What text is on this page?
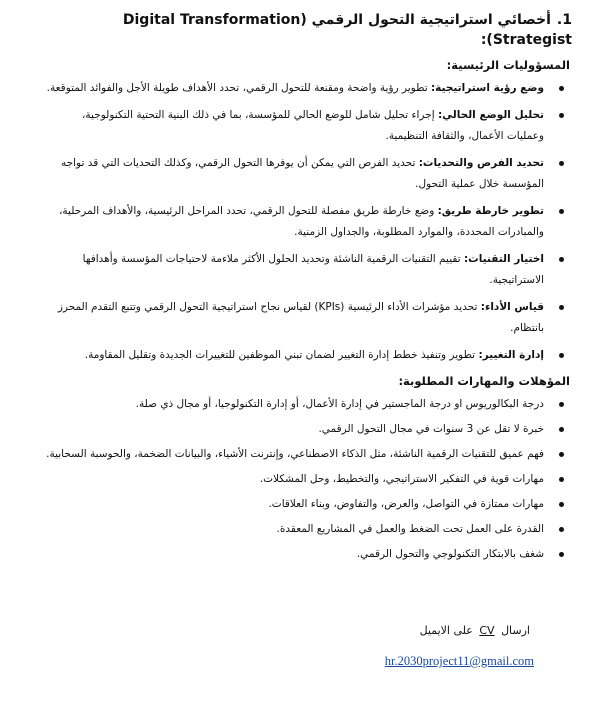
1.أخصائي استراتيجية التحول الرقمي (Digital Transformation Strategist):
المسؤوليات الرئيسية:
وضع رؤية استراتيجية: تطوير رؤية واضحة ومقنعة للتحول الرقمي، تحدد الأهداف طويلة الأجل والفوائد المتوقعة.
تحليل الوضع الحالي: إجراء تحليل شامل للوضع الحالي للمؤسسة، بما في ذلك البنية التحتية التكنولوجية، وعمليات الأعمال، والثقافة التنظيمية.
تحديد الفرص والتحديات: تحديد الفرص التي يمكن أن يوفرها التحول الرقمي، وكذلك التحديات التي قد تواجه المؤسسة خلال عملية التحول.
تطوير خارطة طريق: وضع خارطة طريق مفصلة للتحول الرقمي، تحدد المراحل الرئيسية، والأهداف المرحلية، والمبادرات المحددة، والموارد المطلوبة، والجداول الزمنية.
اختيار التقنيات: تقييم التقنيات الرقمية الناشئة وتحديد الحلول الأكثر ملاءمة لاحتياجات المؤسسة وأهدافها الاستراتيجية.
قياس الأداء: تحديد مؤشرات الأداء الرئيسية (KPIs) لقياس نجاح استراتيجية التحول الرقمي وتتبع التقدم المحرز بانتظام.
إدارة التغيير: تطوير وتنفيذ خطط إدارة التغيير لضمان تبني الموظفين للتغييرات الجديدة وتقليل المقاومة.
المؤهلات والمهارات المطلوبة:
درجة البكالوريوس او درجة الماجستير في إدارة الأعمال، أو إدارة التكنولوجيا، أو مجال ذي صلة.
خبرة لا تقل عن 3 سنوات في مجال التحول الرقمي.
فهم عميق للتقنيات الرقمية الناشئة، مثل الذكاء الاصطناعي، وإنترنت الأشياء، والبيانات الضخمة، والحوسبة السحابية.
مهارات قوية في التفكير الاستراتيجي، والتخطيط، وحل المشكلات.
مهارات ممتازة في التواصل، والعرض، والتفاوض، وبناء العلاقات.
القدرة على العمل تحت الضغط والعمل في المشاريع المعقدة.
شغف بالابتكار التكنولوجي والتحول الرقمي.
ارسال CV على الايميل
hr.2030project11@gmail.com
